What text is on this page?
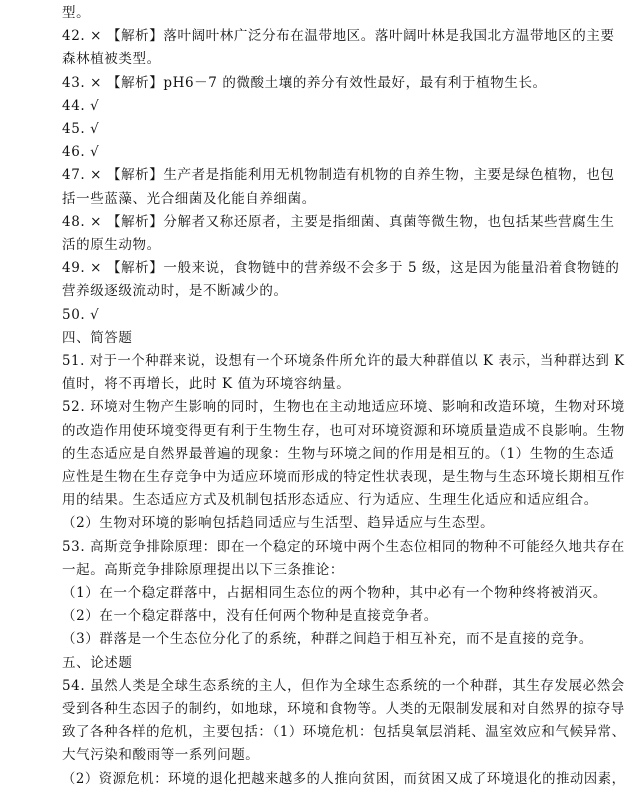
型。
42. × 【解析】落叶阔叶林广泛分布在温带地区。落叶阔叶林是我国北方温带地区的主要
森林植被类型。
43. × 【解析】pH6－7 的微酸土壤的养分有效性最好，最有利于植物生长。
44. √
45. √
46. √
47. × 【解析】生产者是指能利用无机物制造有机物的自养生物，主要是绿色植物，也包
括一些蓝藻、光合细菌及化能自养细菌。
48. × 【解析】分解者又称还原者，主要是指细菌、真菌等微生物，也包括某些营腐生生
活的原生动物。
49. × 【解析】一般来说，食物链中的营养级不会多于 5 级，这是因为能量沿着食物链的
营养级逐级流动时，是不断减少的。
50. √
四、简答题
51. 对于一个种群来说，设想有一个环境条件所允许的最大种群值以 K 表示，当种群达到 K
值时，将不再增长，此时 K 值为环境容纳量。
52. 环境对生物产生影响的同时，生物也在主动地适应环境、影响和改造环境，生物对环境
的改造作用使环境变得更有利于生物生存，也可对环境资源和环境质量造成不良影响。生物
的生态适应是自然界最普遍的现象：生物与环境之间的作用是相互的。（1）生物的生态适
应性是生物在生存竞争中为适应环境而形成的特定性状表现，是生物与生态环境长期相互作
用的结果。生态适应方式及机制包括形态适应、行为适应、生理生化适应和适应组合。
（2）生物对环境的影响包括趋同适应与生活型、趋异适应与生态型。
53. 高斯竞争排除原理：即在一个稳定的环境中两个生态位相同的物种不可能经久地共存在
一起。高斯竞争排除原理提出以下三条推论：
（1）在一个稳定群落中，占据相同生态位的两个物种，其中必有一个物种终将被消灭。
（2）在一个稳定群落中，没有任何两个物种是直接竞争者。
（3）群落是一个生态位分化了的系统，种群之间趋于相互补充，而不是直接的竞争。
五、论述题
54. 虽然人类是全球生态系统的主人，但作为全球生态系统的一个种群，其生存发展必然会
受到各种生态因子的制约，如地球，环境和食物等。人类的无限制发展和对自然界的掠夺导
致了各种各样的危机，主要包括：（1）环境危机：包括臭氧层消耗、温室效应和气候异常、
大气污染和酸雨等一系列问题。
（2）资源危机：环境的退化把越来越多的人推向贫困，而贫困又成了环境退化的推动因素，
